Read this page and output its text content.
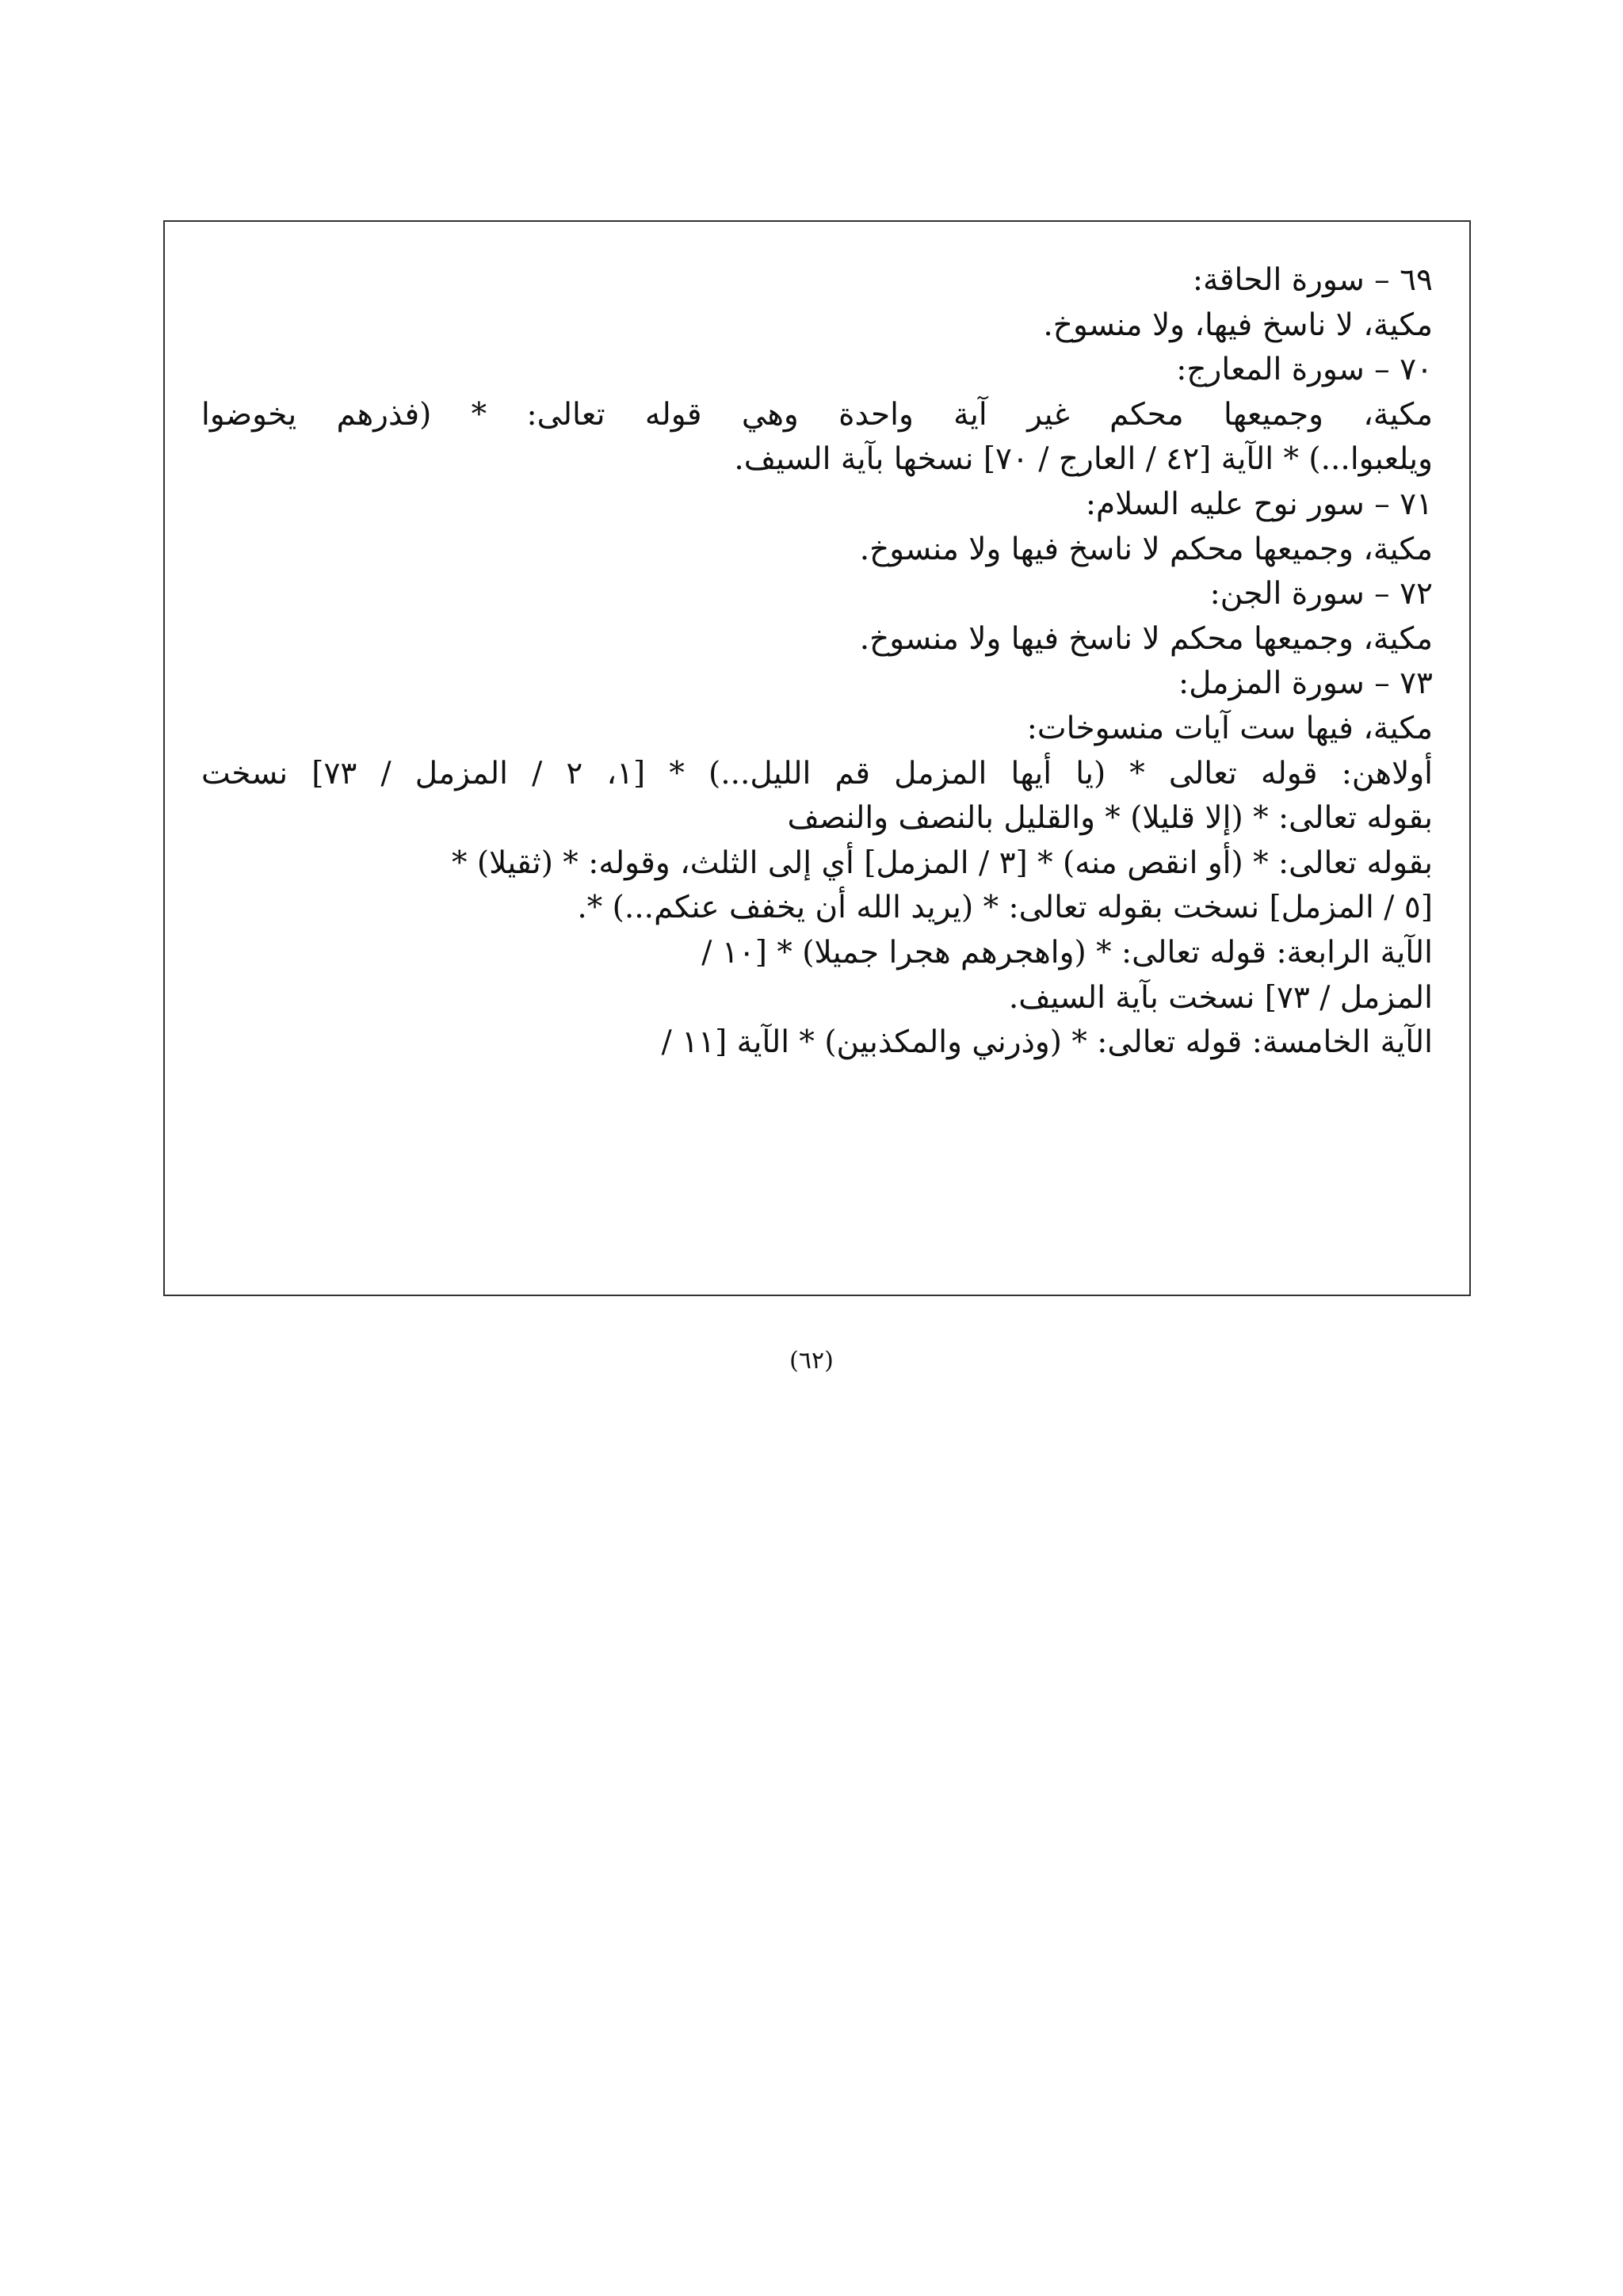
٦٩ – سورة الحاقة:
مكية، لا ناسخ فيها، ولا منسوخ.
٧٠ – سورة المعارج:
مكية، وجميعها محكم غير آية واحدة وهي قوله تعالى: * (فذرهم يخوضوا
ويلعبوا...) * الآية [٤٢ / العارج / ٧٠] نسخها بآية السيف.
٧١ – سور نوح عليه السلام:
مكية، وجميعها محكم لا ناسخ فيها ولا منسوخ.
٧٢ – سورة الجن:
مكية، وجميعها محكم لا ناسخ فيها ولا منسوخ.
٧٣ – سورة المزمل:
مكية، فيها ست آيات منسوخات:
أولاهن: قوله تعالى * (يا أيها المزمل قم الليل...) * [١، ٢ / المزمل / ٧٣] نسخت
بقوله تعالى: * (إلا قليلا) * والقليل بالنصف والنصف
بقوله تعالى: * (أو انقص منه) * [٣ / المزمل] أي إلى الثلث، وقوله: * (ثقيلا) *
[٥ / المزمل] نسخت بقوله تعالى: * (يريد الله أن يخفف عنكم...) *.
الآية الرابعة: قوله تعالى: * (واهجرهم هجرا جميلا) * [١٠ /
المزمل / ٧٣] نسخت بآية السيف.
الآية الخامسة: قوله تعالى: * (وذرني والمكذبين) * الآية [١١ /
(٦٢)
